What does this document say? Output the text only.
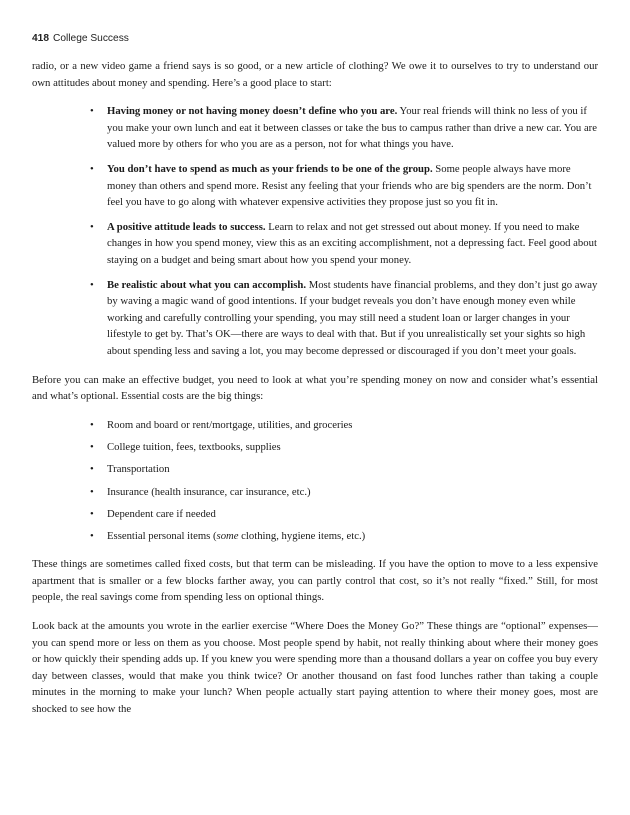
418 College Success

radio, or a new video game a friend says is so good, or a new article of clothing? We owe it to ourselves to try to understand our own attitudes about money and spending. Here’s a good place to start:

• Having money or not having money doesn’t define who you are. Your real friends will think no less of you if you make your own lunch and eat it between classes or take the bus to campus rather than drive a new car. You are valued more by others for who you are as a person, not for what things you have.
• You don’t have to spend as much as your friends to be one of the group. Some people always have more money than others and spend more. Resist any feeling that your friends who are big spenders are the norm. Don’t feel you have to go along with whatever expensive activities they propose just so you fit in.
• A positive attitude leads to success. Learn to relax and not get stressed out about money. If you need to make changes in how you spend money, view this as an exciting accomplishment, not a depressing fact. Feel good about staying on a budget and being smart about how you spend your money.
• Be realistic about what you can accomplish. Most students have financial problems, and they don’t just go away by waving a magic wand of good intentions. If your budget reveals you don’t have enough money even while working and carefully controlling your spending, you may still need a student loan or larger changes in your lifestyle to get by. That’s OK—there are ways to deal with that. But if you unrealistically set your sights so high about spending less and saving a lot, you may become depressed or discouraged if you don’t meet your goals.

Before you can make an effective budget, you need to look at what you’re spending money on now and consider what’s essential and what’s optional. Essential costs are the big things:

• Room and board or rent/mortgage, utilities, and groceries
• College tuition, fees, textbooks, supplies
• Transportation
• Insurance (health insurance, car insurance, etc.)
• Dependent care if needed
• Essential personal items (some clothing, hygiene items, etc.)

These things are sometimes called fixed costs, but that term can be misleading. If you have the option to move to a less expensive apartment that is smaller or a few blocks farther away, you can partly control that cost, so it’s not really “fixed.” Still, for most people, the real savings come from spending less on optional things.

Look back at the amounts you wrote in the earlier exercise “Where Does the Money Go?” These things are “optional” expenses—you can spend more or less on them as you choose. Most people spend by habit, not really thinking about where their money goes or how quickly their spending adds up. If you knew you were spending more than a thousand dollars a year on coffee you buy every day between classes, would that make you think twice? Or another thousand on fast food lunches rather than taking a couple minutes in the morning to make your lunch? When people actually start paying attention to where their money goes, most are shocked to see how the
